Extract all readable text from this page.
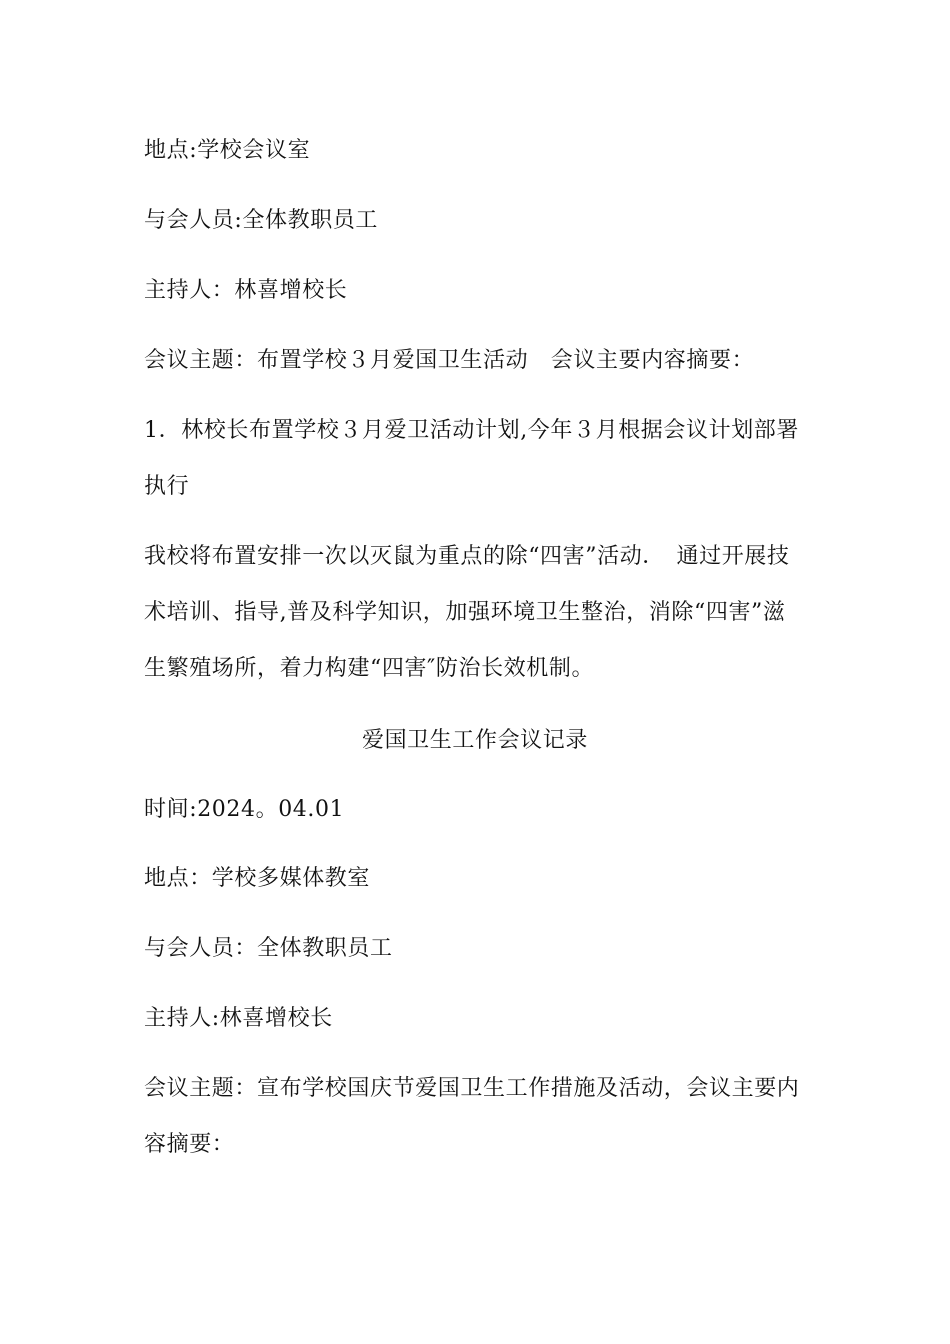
地点:学校会议室
与会人员:全体教职员工
主持人：林喜增校长
会议主题：布置学校３月爱国卫生活动　会议主要内容摘要：
1．林校长布置学校３月爱卫活动计划,今年３月根据会议计划部署
执行
我校将布置安排一次以灭鼠为重点的除“四害”活动．　通过开展技
术培训、指导,普及科学知识，加强环境卫生整治，消除“四害”滋
生繁殖场所，着力构建“四害″防治长效机制。
爱国卫生工作会议记录
时间:2024。04.01
地点：学校多媒体教室
与会人员：全体教职员工
主持人:林喜增校长
会议主题：宣布学校国庆节爱国卫生工作措施及活动，会议主要内
容摘要：
